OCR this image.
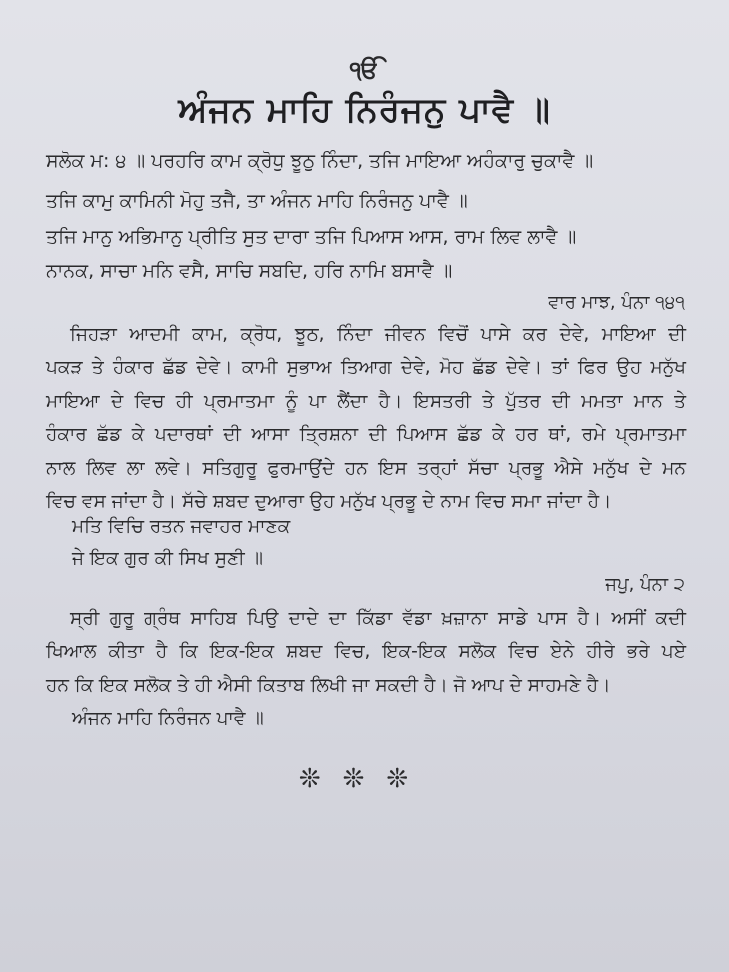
ੴ
ਅੰਜਨ ਮਾਹਿ ਨਿਰੰਜਨੁ ਪਾਵੈ ॥
ਸਲੋਕ ਮ: ੪ ॥ ਪਰਹਰਿ ਕਾਮ ਕ੍ਰੋਧੁ ਝੂਠੁ ਨਿੰਦਾ, ਤਜਿ ਮਾਇਆ ਅਹੰਕਾਰੁ ਚੁਕਾਵੈ ॥
ਤਜਿ ਕਾਮੁ ਕਾਮਿਨੀ ਮੋਹੁ ਤਜੈ, ਤਾ ਅੰਜਨ ਮਾਹਿ ਨਿਰੰਜਨੁ ਪਾਵੈ ॥
ਤਜਿ ਮਾਨੁ ਅਭਿਮਾਨੁ ਪ੍ਰੀਤਿ ਸੁਤ ਦਾਰਾ ਤਜਿ ਪਿਆਸ ਆਸ, ਰਾਮ ਲਿਵ ਲਾਵੈ ॥
ਨਾਨਕ, ਸਾਚਾ ਮਨਿ ਵਸੈ, ਸਾਚਿ ਸਬਦਿ, ਹਰਿ ਨਾਮਿ ਬਸਾਵੈ ॥
ਵਾਰ ਮਾਝ, ਪੰਨਾ ੧੪੧
ਜਿਹੜਾ ਆਦਮੀ ਕਾਮ, ਕ੍ਰੋਧ, ਝੂਠ, ਨਿੰਦਾ ਜੀਵਨ ਵਿਚੋਂ ਪਾਸੇ ਕਰ ਦੇਵੇ, ਮਾਇਆ ਦੀ
ਪਕੜ ਤੇ ਹੰਕਾਰ ਛੱਡ ਦੇਵੇ। ਕਾਮੀ ਸੁਭਾਅ ਤਿਆਗ ਦੇਵੇ, ਮੋਹ ਛੱਡ ਦੇਵੇ। ਤਾਂ ਫਿਰ ਉਹ ਮਨੁੱਖ
ਮਾਇਆ ਦੇ ਵਿਚ ਹੀ ਪ੍ਰਮਾਤਮਾ ਨੂੰ ਪਾ ਲੈਂਦਾ ਹੈ। ਇਸਤਰੀ ਤੇ ਪੁੱਤਰ ਦੀ ਮਮਤਾ ਮਾਨ ਤੇ
ਹੰਕਾਰ ਛੱਡ ਕੇ ਪਦਾਰਥਾਂ ਦੀ ਆਸਾ ਤ੍ਰਿਸ਼ਨਾ ਦੀ ਪਿਆਸ ਛੱਡ ਕੇ ਹਰ ਥਾਂ, ਰਮੇ ਪ੍ਰਮਾਤਮਾ
ਨਾਲ ਲਿਵ ਲਾ ਲਵੇ। ਸਤਿਗੁਰੂ ਫੁਰਮਾਉਂਦੇ ਹਨ ਇਸ ਤਰ੍ਹਾਂ ਸੱਚਾ ਪ੍ਰਭੂ ਐਸੇ ਮਨੁੱਖ ਦੇ ਮਨ
ਵਿਚ ਵਸ ਜਾਂਦਾ ਹੈ। ਸੱਚੇ ਸ਼ਬਦ ਦੁਆਰਾ ਉਹ ਮਨੁੱਖ ਪ੍ਰਭੂ ਦੇ ਨਾਮ ਵਿਚ ਸਮਾ ਜਾਂਦਾ ਹੈ।
ਮਤਿ ਵਿਚਿ ਰਤਨ ਜਵਾਹਰ ਮਾਣਕ
ਜੇ ਇਕ ਗੁਰ ਕੀ ਸਿਖ ਸੁਣੀ ॥
ਜਪੁ, ਪੰਨਾ ੨
ਸ੍ਰੀ ਗੁਰੂ ਗ੍ਰੰਥ ਸਾਹਿਬ ਪਿਉ ਦਾਦੇ ਦਾ ਕਿੱਡਾ ਵੱਡਾ ਖ਼ਜ਼ਾਨਾ ਸਾਡੇ ਪਾਸ ਹੈ। ਅਸੀਂ ਕਦੀ
ਖਿਆਲ ਕੀਤਾ ਹੈ ਕਿ ਇਕ-ਇਕ ਸ਼ਬਦ ਵਿਚ, ਇਕ-ਇਕ ਸਲੋਕ ਵਿਚ ਏਨੇ ਹੀਰੇ ਭਰੇ ਪਏ
ਹਨ ਕਿ ਇਕ ਸਲੋਕ ਤੇ ਹੀ ਐਸੀ ਕਿਤਾਬ ਲਿਖੀ ਜਾ ਸਕਦੀ ਹੈ। ਜੋ ਆਪ ਦੇ ਸਾਹਮਣੇ ਹੈ।
ਅੰਜਨ ਮਾਹਿ ਨਿਰੰਜਨ ਪਾਵੈ ॥
❊❊❊
